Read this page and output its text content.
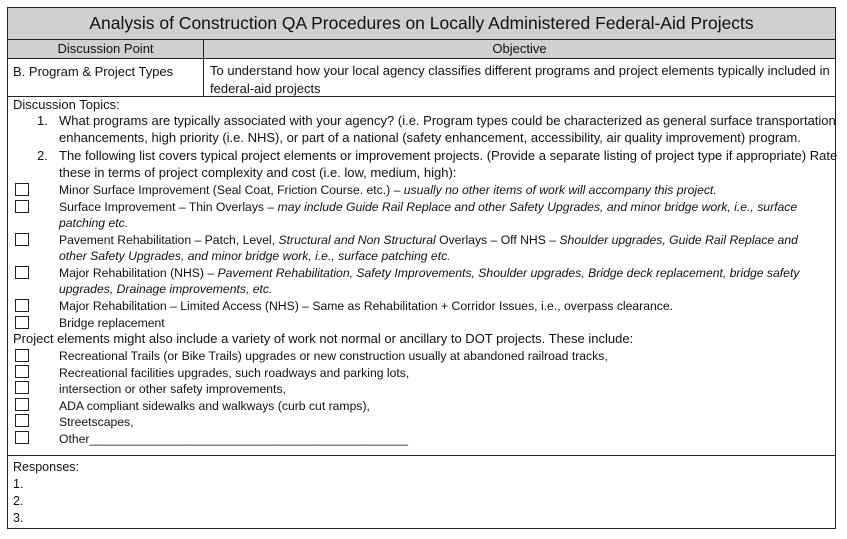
Analysis of Construction QA Procedures on Locally Administered Federal-Aid Projects
Discussion Point	Objective
B. Program & Project Types	To understand how your local agency classifies different programs and project elements typically included in
federal-aid projects
Discussion Topics:
1. What programs are typically associated with your agency? (i.e. Program types could be characterized as general surface transportation
enhancements, high priority (i.e. NHS), or part of a national (safety enhancement, accessibility, air quality improvement) program.
2. The following list covers typical project elements or improvement projects. (Provide a separate listing of project type if appropriate) Rate
these in terms of project complexity and cost (i.e. low, medium, high):
Minor Surface Improvement (Seal Coat, Friction Course. etc.) – usually no other items of work will accompany this project.
Surface Improvement – Thin Overlays – may include Guide Rail Replace and other Safety Upgrades, and minor bridge work, i.e., surface
patching etc.
Pavement Rehabilitation – Patch, Level, Structural and Non Structural Overlays – Off NHS – Shoulder upgrades, Guide Rail Replace and
other Safety Upgrades, and minor bridge work, i.e., surface patching etc.
Major Rehabilitation (NHS) – Pavement Rehabilitation, Safety Improvements, Shoulder upgrades, Bridge deck replacement, bridge safety
upgrades, Drainage improvements, etc.
Major Rehabilitation – Limited Access (NHS) – Same as Rehabilitation + Corridor Issues, i.e., overpass clearance.
Bridge replacement
Project elements might also include a variety of work not normal or ancillary to DOT projects. These include:
Recreational Trails (or Bike Trails) upgrades or new construction usually at abandoned railroad tracks,
Recreational facilities upgrades, such roadways and parking lots,
intersection or other safety improvements,
ADA compliant sidewalks and walkways (curb cut ramps),
Streetscapes,
Other_______________________________________________
Responses:
1.
2.
3.
